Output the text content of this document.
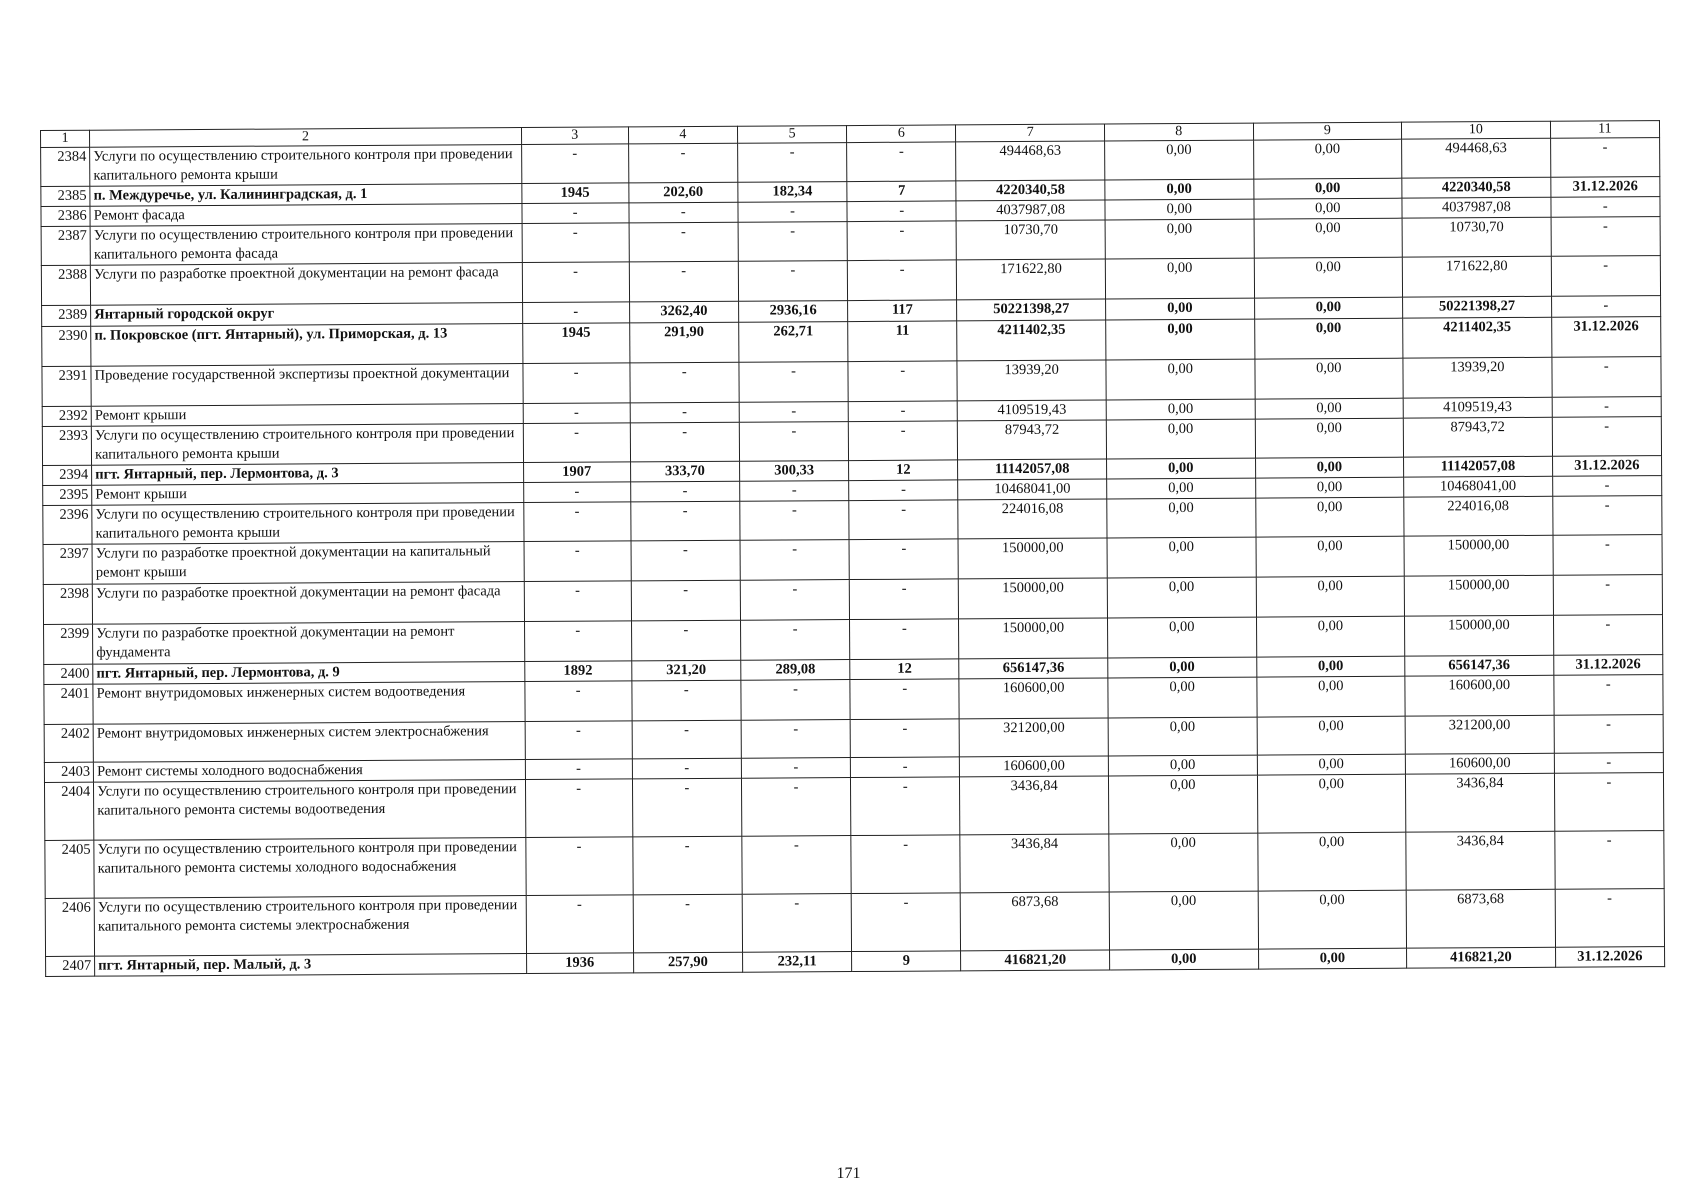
1	2	3	4	5	6	7	8	9	10	11
2384	Услуги по осуществлению строительного контроля при проведении капитального ремонта крыши	-	-	-	-	494468,63	0,00	0,00	494468,63	-
2385	п. Междуречье, ул. Калининградская, д. 1	1945	202,60	182,34	7	4220340,58	0,00	0,00	4220340,58	31.12.2026
2386	Ремонт фасада	-	-	-	-	4037987,08	0,00	0,00	4037987,08	-
2387	Услуги по осуществлению строительного контроля при проведении капитального ремонта фасада	-	-	-	-	10730,70	0,00	0,00	10730,70	-
2388	Услуги по разработке проектной документации на ремонт фасада	-	-	-	-	171622,80	0,00	0,00	171622,80	-
2389	Янтарный городской округ	-	3262,40	2936,16	117	50221398,27	0,00	0,00	50221398,27	-
2390	п. Покровское (пгт. Янтарный), ул. Приморская, д. 13	1945	291,90	262,71	11	4211402,35	0,00	0,00	4211402,35	31.12.2026
2391	Проведение государственной экспертизы проектной документации	-	-	-	-	13939,20	0,00	0,00	13939,20	-
2392	Ремонт крыши	-	-	-	-	4109519,43	0,00	0,00	4109519,43	-
2393	Услуги по осуществлению строительного контроля при проведении капитального ремонта крыши	-	-	-	-	87943,72	0,00	0,00	87943,72	-
2394	пгт. Янтарный, пер. Лермонтова, д. 3	1907	333,70	300,33	12	11142057,08	0,00	0,00	11142057,08	31.12.2026
2395	Ремонт крыши	-	-	-	-	10468041,00	0,00	0,00	10468041,00	-
2396	Услуги по осуществлению строительного контроля при проведении капитального ремонта крыши	-	-	-	-	224016,08	0,00	0,00	224016,08	-
2397	Услуги по разработке проектной документации на капитальный ремонт крыши	-	-	-	-	150000,00	0,00	0,00	150000,00	-
2398	Услуги по разработке проектной документации на ремонт фасада	-	-	-	-	150000,00	0,00	0,00	150000,00	-
2399	Услуги по разработке проектной документации на ремонт фундамента	-	-	-	-	150000,00	0,00	0,00	150000,00	-
2400	пгт. Янтарный, пер. Лермонтова, д. 9	1892	321,20	289,08	12	656147,36	0,00	0,00	656147,36	31.12.2026
2401	Ремонт внутридомовых инженерных систем водоотведения	-	-	-	-	160600,00	0,00	0,00	160600,00	-
2402	Ремонт внутридомовых инженерных систем электроснабжения	-	-	-	-	321200,00	0,00	0,00	321200,00	-
2403	Ремонт системы холодного водоснабжения	-	-	-	-	160600,00	0,00	0,00	160600,00	-
2404	Услуги по осуществлению строительного контроля при проведении капитального ремонта системы водоотведения	-	-	-	-	3436,84	0,00	0,00	3436,84	-
2405	Услуги по осуществлению строительного контроля при проведении капитального ремонта системы холодного водоснабжения	-	-	-	-	3436,84	0,00	0,00	3436,84	-
2406	Услуги по осуществлению строительного контроля при проведении капитального ремонта системы электроснабжения	-	-	-	-	6873,68	0,00	0,00	6873,68	-
2407	пгт. Янтарный, пер. Малый, д. 3	1936	257,90	232,11	9	416821,20	0,00	0,00	416821,20	31.12.2026
171
